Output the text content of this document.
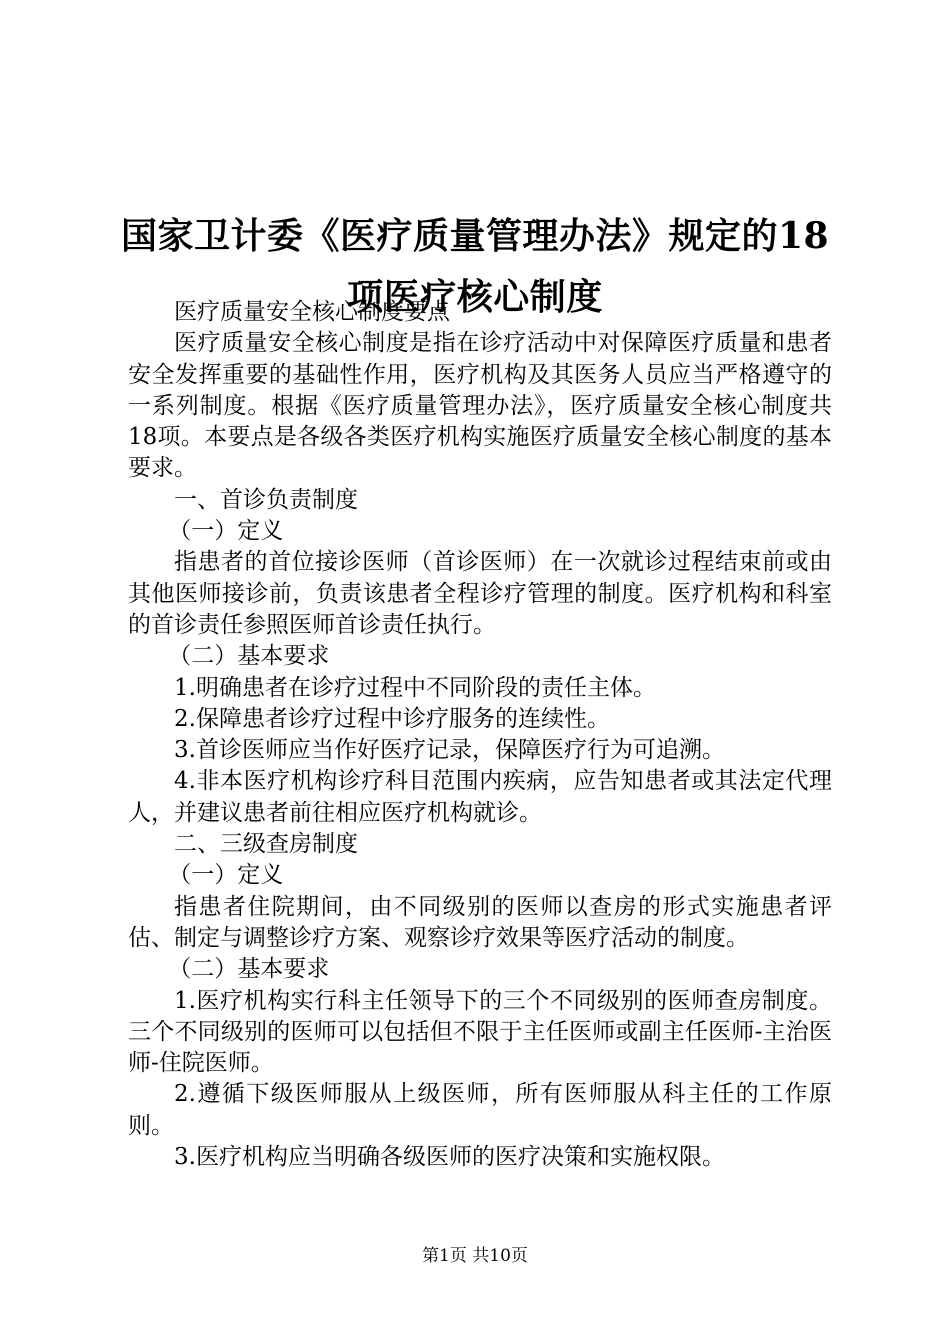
国家卫计委《医疗质量管理办法》规定的18
项医疗核心制度

医疗质量安全核心制度要点

医疗质量安全核心制度是指在诊疗活动中对保障医疗质量和患者安全发挥重要的基础性作用，医疗机构及其医务人员应当严格遵守的一系列制度。根据《医疗质量管理办法》，医疗质量安全核心制度共18项。本要点是各级各类医疗机构实施医疗质量安全核心制度的基本要求。

一、首诊负责制度

（一）定义

指患者的首位接诊医师（首诊医师）在一次就诊过程结束前或由其他医师接诊前，负责该患者全程诊疗管理的制度。医疗机构和科室的首诊责任参照医师首诊责任执行。

（二）基本要求

1.明确患者在诊疗过程中不同阶段的责任主体。

2.保障患者诊疗过程中诊疗服务的连续性。

3.首诊医师应当作好医疗记录，保障医疗行为可追溯。

4.非本医疗机构诊疗科目范围内疾病，应告知患者或其法定代理人，并建议患者前往相应医疗机构就诊。

二、三级查房制度

（一）定义

指患者住院期间，由不同级别的医师以查房的形式实施患者评估、制定与调整诊疗方案、观察诊疗效果等医疗活动的制度。

（二）基本要求

1.医疗机构实行科主任领导下的三个不同级别的医师查房制度。三个不同级别的医师可以包括但不限于主任医师或副主任医师-主治医师-住院医师。

2.遵循下级医师服从上级医师，所有医师服从科主任的工作原则。

3.医疗机构应当明确各级医师的医疗决策和实施权限。

第1页 共10页
